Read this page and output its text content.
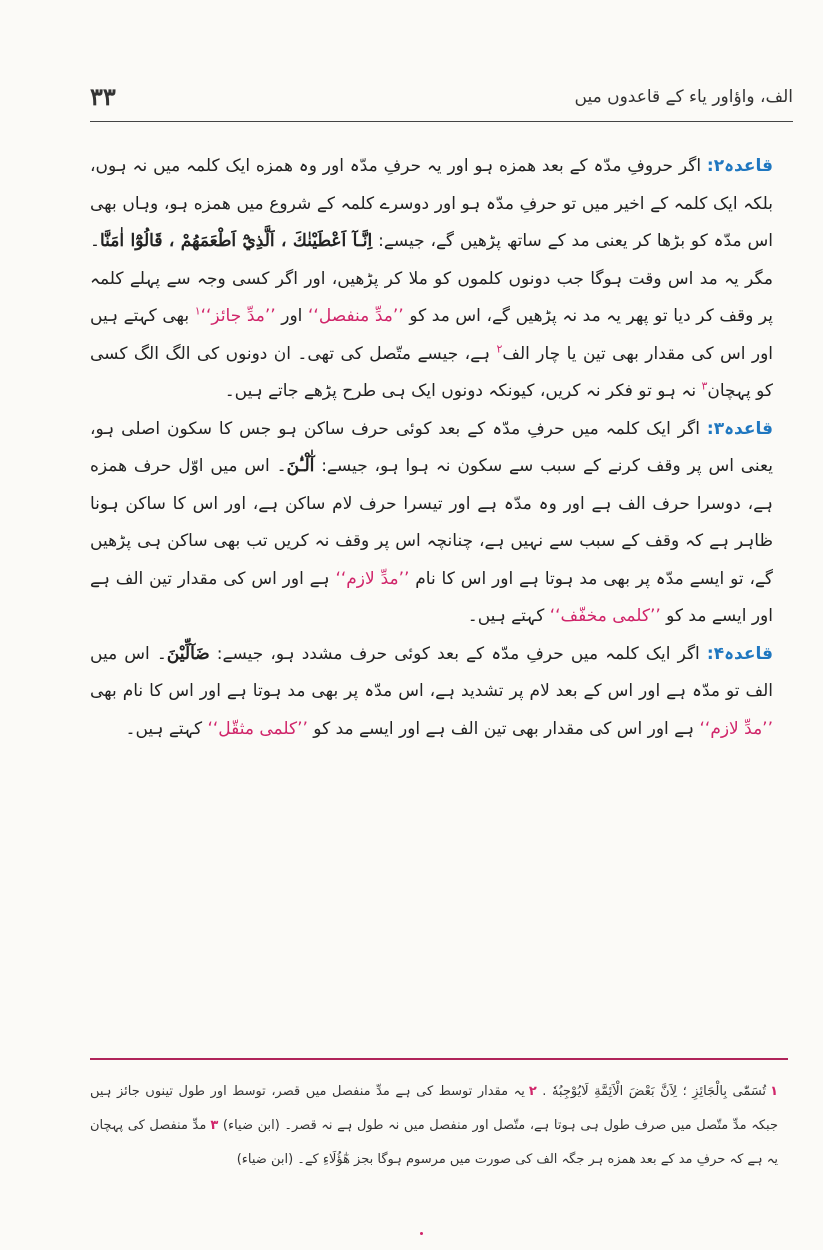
۳۳	الف، واؤاور یاء کے قاعدوں میں

قاعدہ۲: اگر حروفِ مدّہ کے بعد همزه ہو اور یہ حرفِ مدّہ اور وہ همزه ایک کلمہ میں نہ ہوں، بلکہ ایک کلمہ کے اخیر میں تو حرفِ مدّہ ہو اور دوسرے کلمہ کے شروع میں همزه ہو، وہاں بھی اس مدّہ کو بڑھا کر یعنی مد کے ساتھ پڑھیں گے، جیسے: اِنَّـآ اَعْطَيْنٰكَ ، اَلَّذِيْٓ اَطْعَمَهُمْ ، قَالُوْٓا اٰمَنَّا۔ مگر یہ مد اس وقت ہوگا جب دونوں کلموں کو ملا کر پڑھیں، اور اگر کسی وجہ سے پہلے کلمہ پر وقف کر دیا تو پھر یہ مد نہ پڑھیں گے، اس مد کو ’’مدِّ منفصل‘‘ اور ’’مدِّ جائز‘‘$^۱$ بھی کہتے ہیں اور اس کی مقدار بھی تین یا چار الف$^۲$ ہے، جیسے متّصل کی تھی۔ ان دونوں کی الگ الگ کسی کو پہچان$^۳$ نہ ہو تو فکر نہ کریں، کیونکہ دونوں ایک ہی طرح پڑھے جاتے ہیں۔

قاعدہ۳: اگر ایک کلمہ میں حرفِ مدّہ کے بعد کوئی حرف ساکن ہو جس کا سکون اصلی ہو، یعنی اس پر وقف کرنے کے سبب سے سکون نہ ہوا ہو، جیسے: آٰلْـٰٔنَ۔ اس میں اوّل حرف همزه ہے، دوسرا حرف الف ہے اور وہ مدّہ ہے اور تیسرا حرف لام ساکن ہے، اور اس کا ساکن ہونا ظاہر ہے کہ وقف کے سبب سے نہیں ہے، چنانچہ اس پر وقف نہ کریں تب بھی ساکن ہی پڑھیں گے، تو ایسے مدّہ پر بھی مد ہوتا ہے اور اس کا نام ’’مدِّ لازم‘‘ ہے اور اس کی مقدار تین الف ہے اور ایسے مد کو ’’کلمی مخفّف‘‘ کہتے ہیں۔

قاعدہ۴: اگر ایک کلمہ میں حرفِ مدّہ کے بعد کوئی حرف مشدد ہو، جیسے: ضَآلِّيْنَ۔ اس میں الف تو مدّہ ہے اور اس کے بعد لام پر تشدید ہے، اس مدّہ پر بھی مد ہوتا ہے اور اس کا نام بھی ’’مدِّ لازم‘‘ ہے اور اس کی مقدار بھی تین الف ہے اور ایسے مد کو ’’کلمی مثقّل‘‘ کہتے ہیں۔

۱تُسَمّٰى بِالْجَائِزِ ؛ لِاَنَّ بَعْضَ الْاَئِمَّةِ لَايُوْجِبُهٗ . ۲یہ مقدار توسط کی ہے مدِّ منفصل میں قصر، توسط اور طول تینوں جائز ہیں جبکہ مدِّ متّصل میں صرف طول ہی ہوتا ہے، متّصل اور منفصل میں نہ طول ہے نہ قصر۔ (ابن ضیاء) ۳مدِّ منفصل کی پہچان یہ ہے کہ حرفِ مد کے بعد همزه ہر جگہ الف کی صورت میں مرسوم ہوگا بجز هٰٓؤُلَاءِ کے۔ (ابن ضیاء)
